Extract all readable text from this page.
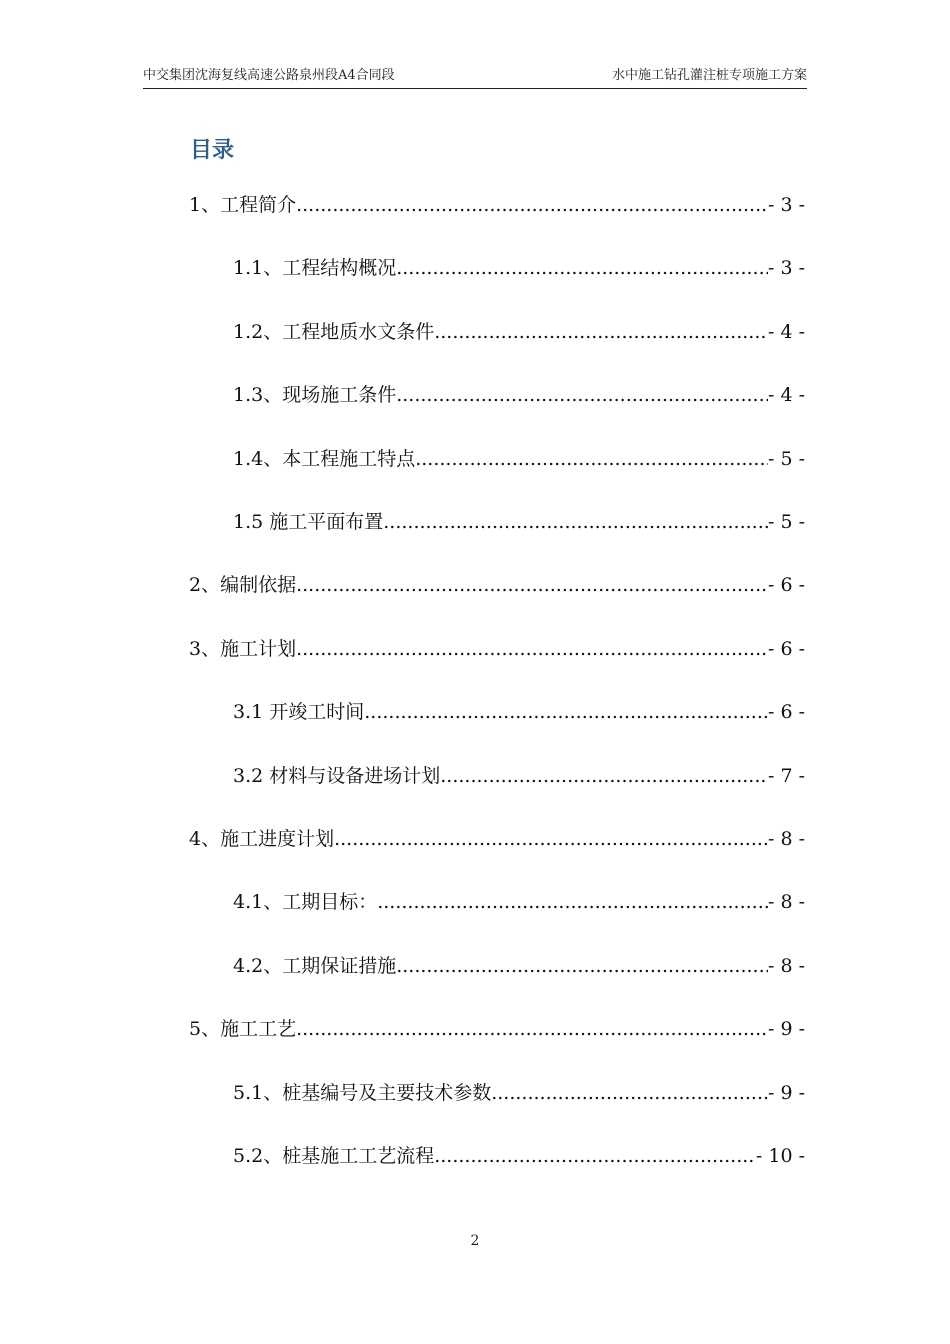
中交集团沈海复线高速公路泉州段A4合同段	水中施工钻孔灌注桩专项施工方案
目录
1、工程简介 .....	- 3 -
1.1、工程结构概况 .....	- 3 -
1.2、工程地质水文条件 .....	- 4 -
1.3、现场施工条件 .....	- 4 -
1.4、本工程施工特点 .....	- 5 -
1.5 施工平面布置 .....	- 5 -
2、编制依据 .....	- 6 -
3、施工计划 .....	- 6 -
3.1 开竣工时间 .....	- 6 -
3.2 材料与设备进场计划 .....	- 7 -
4、施工进度计划 .....	- 8 -
4.1、工期目标： .....	- 8 -
4.2、工期保证措施 .....	- 8 -
5、施工工艺 .....	- 9 -
5.1、桩基编号及主要技术参数 .....	- 9 -
5.2、桩基施工工艺流程 .....	- 10 -
2
